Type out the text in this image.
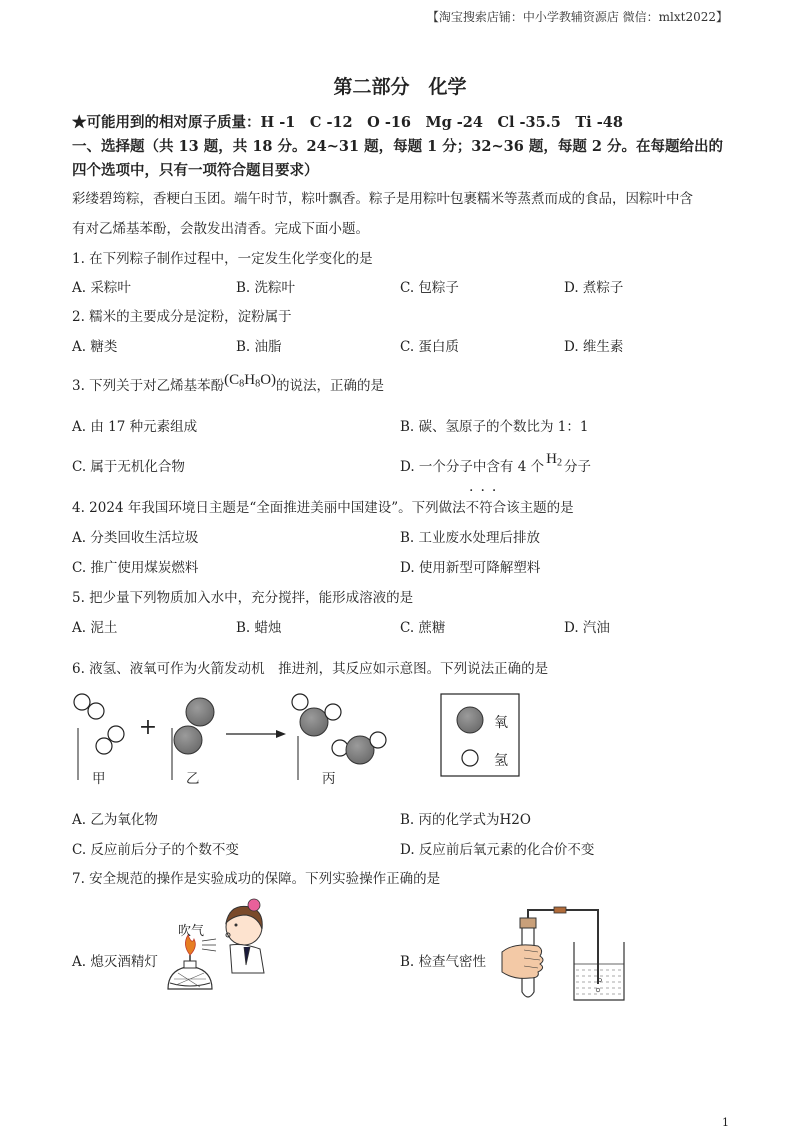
【淘宝搜索店铺：中小学教辅资源店 微信：mlxt2022】
第二部分　化学
★可能用到的相对原子质量：H -1　C -12　O -16　Mg -24　Cl -35.5　Ti -48
一、选择题（共 13 题，共 18 分。24~31 题，每题 1 分；32~36 题，每题 2 分。在每题给出的
四个选项中，只有一项符合题目要求）
彩缕碧筠粽，香粳白玉团。端午时节，粽叶飘香。粽子是用粽叶包裹糯米等蒸煮而成的食品，因粽叶中含
有对乙烯基苯酚，会散发出清香。完成下面小题。
1. 在下列粽子制作过程中，一定发生化学变化的是
A. 采粽叶	B. 洗粽叶	C. 包粽子	D. 煮粽子
2. 糯米的主要成分是淀粉，淀粉属于
A. 糖类	B. 油脂	C. 蛋白质	D. 维生素
3. 下列关于对乙烯基苯酚$(C_8H_8O)$的说法，正确的是
A. 由 17 种元素组成	B. 碳、氢原子的个数比为 1：1
C. 属于无机化合物	D. 一个分子中含有 4 个 $H_2$ 分子
4. 2024 年我国环境日主题是“全面推进美丽中国建设”。下列做法不符合该主题的是
···
A. 分类回收生活垃圾	B. 工业废水处理后排放
C. 推广使用煤炭燃料	D. 使用新型可降解塑料
5. 把少量下列物质加入水中，充分搅拌，能形成溶液的是
A. 泥土	B. 蜡烛	C. 蔗糖	D. 汽油
6. 液氢、液氧可作为火箭发动机　推进剂，其反应如示意图。下列说法正确的是
+	氧
氢
甲	乙	丙
A. 乙为氧化物	B. 丙的化学式为H2O
C. 反应前后分子的个数不变	D. 反应前后氧元素的化合价不变
7. 安全规范的操作是实验成功的保障。下列实验操作正确的是
吹气
A. 熄灭酒精灯	B. 检查气密性
1
